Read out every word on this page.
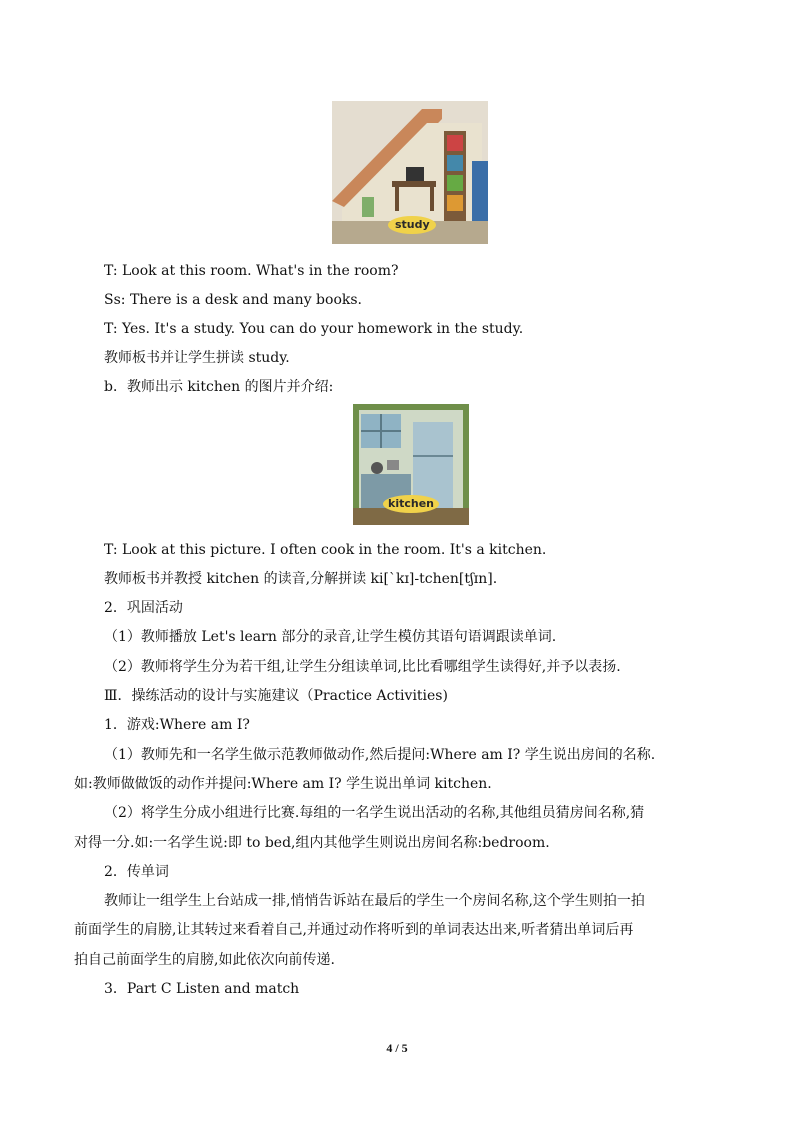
study
T: Look at this room. What's in the room?
Ss: There is a desk and many books.
T: Yes. It's a study. You can do your homework in the study.
教师板书并让学生拼读 study.
b．教师出示 kitchen 的图片并介绍:
kitchen
T: Look at this picture. I often cook in the room. It's a kitchen.
教师板书并教授 kitchen 的读音,分解拼读 ki[`kɪ]-tchen[tʃɪn].
2．巩固活动
（1）教师播放 Let's learn 部分的录音,让学生模仿其语句语调跟读单词.
（2）教师将学生分为若干组,让学生分组读单词,比比看哪组学生读得好,并予以表扬.
Ⅲ．操练活动的设计与实施建议（Practice Activities)
1．游戏:Where am I?
（1）教师先和一名学生做示范教师做动作,然后提问:Where am I? 学生说出房间的名称.
如:教师做做饭的动作并提问:Where am I? 学生说出单词 kitchen.
（2）将学生分成小组进行比赛.每组的一名学生说出活动的名称,其他组员猜房间名称,猜
对得一分.如:一名学生说:即 to bed,组内其他学生则说出房间名称:bedroom.
2．传单词
教师让一组学生上台站成一排,悄悄告诉站在最后的学生一个房间名称,这个学生则拍一拍
前面学生的肩膀,让其转过来看着自己,并通过动作将听到的单词表达出来,听者猜出单词后再
拍自己前面学生的肩膀,如此依次向前传递.
3．Part C Listen and match
4 / 5
